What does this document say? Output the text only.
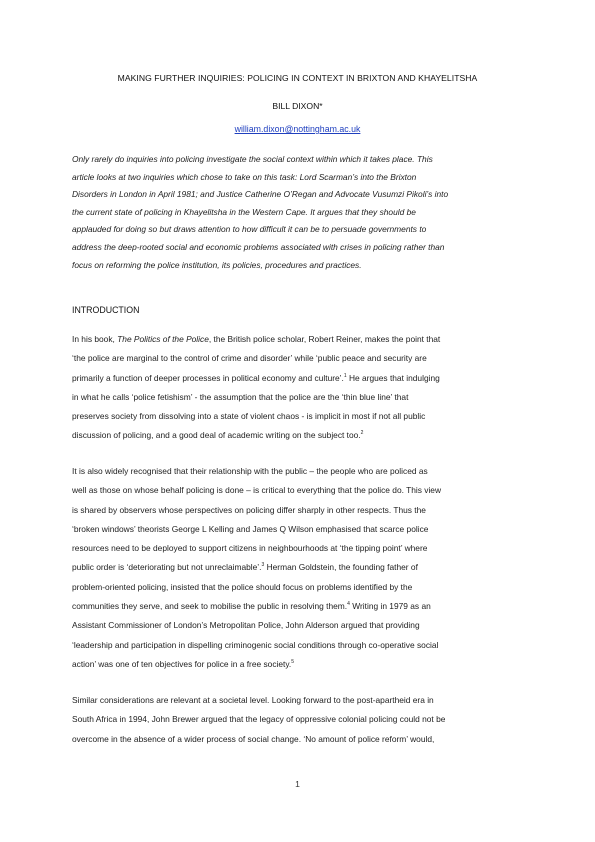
MAKING FURTHER INQUIRIES: POLICING IN CONTEXT IN BRIXTON AND KHAYELITSHA
BILL DIXON*
william.dixon@nottingham.ac.uk
Only rarely do inquiries into policing investigate the social context within which it takes place. This
article looks at two inquiries which chose to take on this task: Lord Scarman’s into the Brixton
Disorders in London in April 1981; and Justice Catherine O’Regan and Advocate Vusumzi Pikoli’s into
the current state of policing in Khayelitsha in the Western Cape. It argues that they should be
applauded for doing so but draws attention to how difficult it can be to persuade governments to
address the deep-rooted social and economic problems associated with crises in policing rather than
focus on reforming the police institution, its policies, procedures and practices.
INTRODUCTION
In his book, The Politics of the Police, the British police scholar, Robert Reiner, makes the point that
‘the police are marginal to the control of crime and disorder’ while ‘public peace and security are
primarily a function of deeper processes in political economy and culture’.$^1$ He argues that indulging
in what he calls ‘police fetishism’ - the assumption that the police are the ‘thin blue line’ that
preserves society from dissolving into a state of violent chaos - is implicit in most if not all public
discussion of policing, and a good deal of academic writing on the subject too.$^2$
It is also widely recognised that their relationship with the public – the people who are policed as
well as those on whose behalf policing is done – is critical to everything that the police do. This view
is shared by observers whose perspectives on policing differ sharply in other respects. Thus the
‘broken windows’ theorists George L Kelling and James Q Wilson emphasised that scarce police
resources need to be deployed to support citizens in neighbourhoods at ‘the tipping point’ where
public order is ‘deteriorating but not unreclaimable’.$^3$ Herman Goldstein, the founding father of
problem-oriented policing, insisted that the police should focus on problems identified by the
communities they serve, and seek to mobilise the public in resolving them.$^4$ Writing in 1979 as an
Assistant Commissioner of London’s Metropolitan Police, John Alderson argued that providing
‘leadership and participation in dispelling criminogenic social conditions through co-operative social
action’ was one of ten objectives for police in a free society.$^5$
Similar considerations are relevant at a societal level. Looking forward to the post-apartheid era in
South Africa in 1994, John Brewer argued that the legacy of oppressive colonial policing could not be
overcome in the absence of a wider process of social change. ‘No amount of police reform’ would,
1
